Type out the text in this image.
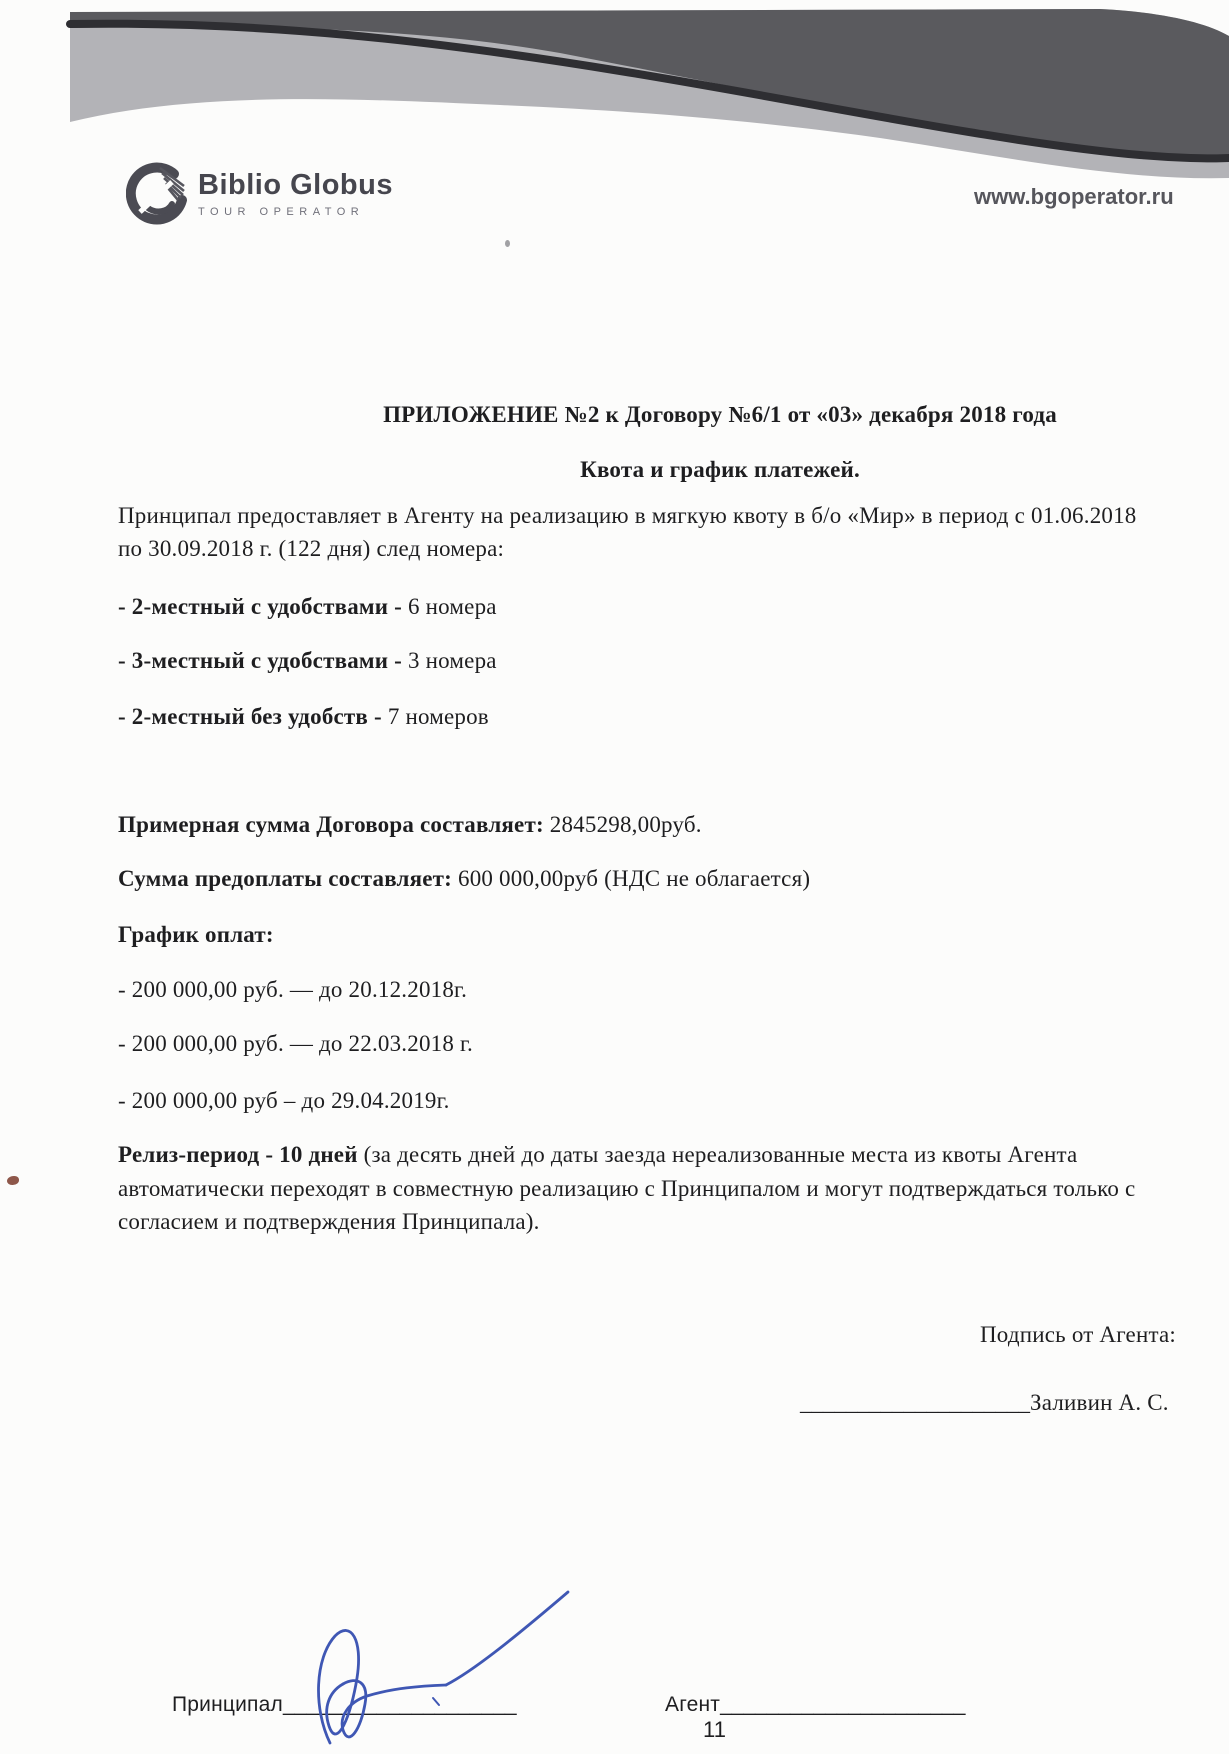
Biblio Globus
TOUR OPERATOR
www.bgoperator.ru
ПРИЛОЖЕНИЕ №2 к Договору №6/1 от «03» декабря 2018 года
Квота и график платежей.
Принципал предоставляет в Агенту на реализацию в мягкую квоту в б/о «Мир» в период с 01.06.2018
по 30.09.2018 г. (122 дня) след номера:
- 2-местный с удобствами - 6 номера
- 3-местный с удобствами - 3 номера
- 2-местный без удобств - 7 номеров
Примерная сумма Договора составляет: 2845298,00руб.
Сумма предоплаты составляет: 600 000,00руб (НДС не облагается)
График оплат:
- 200 000,00 руб. — до 20.12.2018г.
- 200 000,00 руб. — до 22.03.2018 г.
- 200 000,00 руб – до 29.04.2019г.
Релиз-период - 10 дней (за десять дней до даты заезда нереализованные места из квоты Агента
автоматически переходят в совместную реализацию с Принципалом и могут подтверждаться только с
согласием и подтверждения Принципала).
Подпись от Агента:
____________________Заливин А. С.
Принципал____________________	Агент_____________________
11
